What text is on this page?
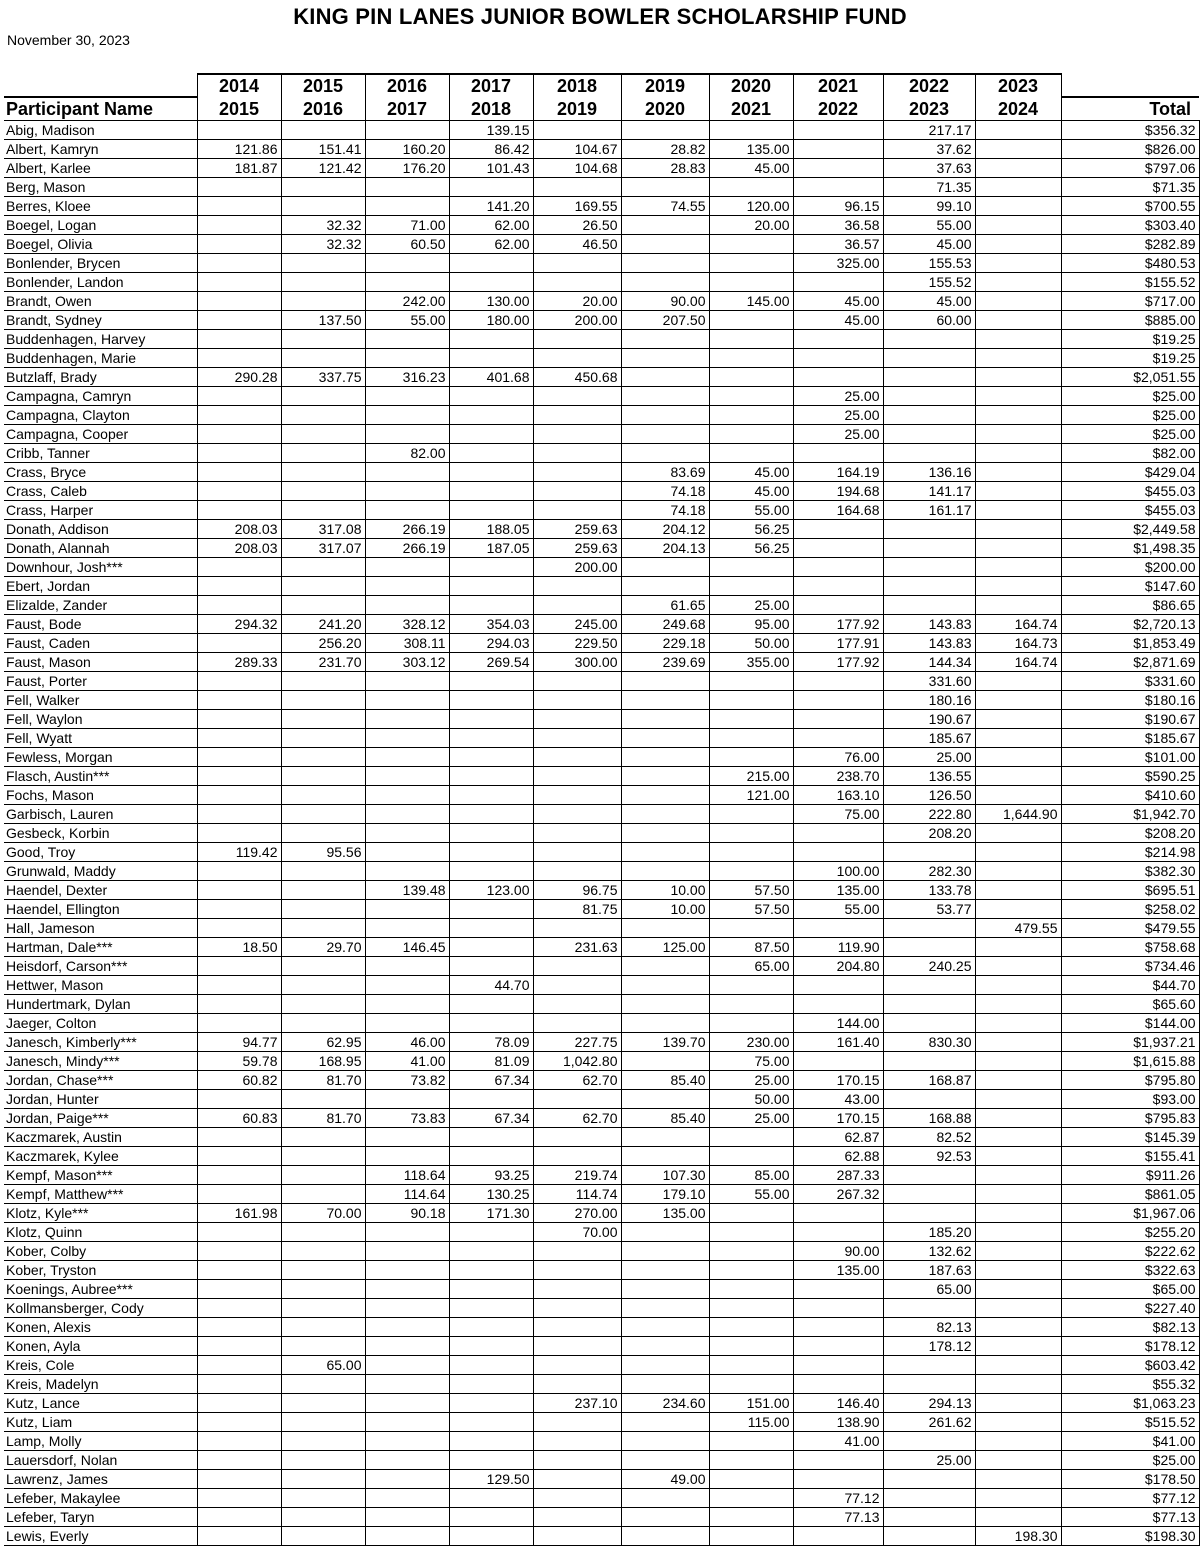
KING PIN LANES JUNIOR BOWLER SCHOLARSHIP FUND
November 30, 2023
	2014	2015	2016	2017	2018	2019	2020	2021	2022	2023	
Participant Name	2015	2016	2017	2018	2019	2020	2021	2022	2023	2024	Total
Abig, Madison				139.15					217.17		$356.32
Albert, Kamryn	121.86	151.41	160.20	86.42	104.67	28.82	135.00		37.62		$826.00
Albert, Karlee	181.87	121.42	176.20	101.43	104.68	28.83	45.00		37.63		$797.06
Berg, Mason									71.35		$71.35
Berres, Kloee				141.20	169.55	74.55	120.00	96.15	99.10		$700.55
Boegel, Logan		32.32	71.00	62.00	26.50		20.00	36.58	55.00		$303.40
Boegel, Olivia		32.32	60.50	62.00	46.50			36.57	45.00		$282.89
Bonlender, Brycen								325.00	155.53		$480.53
Bonlender, Landon									155.52		$155.52
Brandt, Owen			242.00	130.00	20.00	90.00	145.00	45.00	45.00		$717.00
Brandt, Sydney		137.50	55.00	180.00	200.00	207.50		45.00	60.00		$885.00
Buddenhagen, Harvey											$19.25
Buddenhagen, Marie											$19.25
Butzlaff, Brady	290.28	337.75	316.23	401.68	450.68						$2,051.55
Campagna, Camryn								25.00			$25.00
Campagna, Clayton								25.00			$25.00
Campagna, Cooper								25.00			$25.00
Cribb, Tanner			82.00								$82.00
Crass, Bryce						83.69	45.00	164.19	136.16		$429.04
Crass, Caleb						74.18	45.00	194.68	141.17		$455.03
Crass, Harper						74.18	55.00	164.68	161.17		$455.03
Donath, Addison	208.03	317.08	266.19	188.05	259.63	204.12	56.25				$2,449.58
Donath, Alannah	208.03	317.07	266.19	187.05	259.63	204.13	56.25				$1,498.35
Downhour, Josh***					200.00						$200.00
Ebert, Jordan											$147.60
Elizalde, Zander						61.65	25.00				$86.65
Faust, Bode	294.32	241.20	328.12	354.03	245.00	249.68	95.00	177.92	143.83	164.74	$2,720.13
Faust, Caden		256.20	308.11	294.03	229.50	229.18	50.00	177.91	143.83	164.73	$1,853.49
Faust, Mason	289.33	231.70	303.12	269.54	300.00	239.69	355.00	177.92	144.34	164.74	$2,871.69
Faust, Porter									331.60		$331.60
Fell, Walker									180.16		$180.16
Fell, Waylon									190.67		$190.67
Fell, Wyatt									185.67		$185.67
Fewless, Morgan								76.00	25.00		$101.00
Flasch, Austin***							215.00	238.70	136.55		$590.25
Fochs, Mason							121.00	163.10	126.50		$410.60
Garbisch, Lauren								75.00	222.80	1,644.90	$1,942.70
Gesbeck, Korbin									208.20		$208.20
Good, Troy	119.42	95.56									$214.98
Grunwald, Maddy								100.00	282.30		$382.30
Haendel, Dexter			139.48	123.00	96.75	10.00	57.50	135.00	133.78		$695.51
Haendel, Ellington					81.75	10.00	57.50	55.00	53.77		$258.02
Hall, Jameson										479.55	$479.55
Hartman, Dale***	18.50	29.70	146.45		231.63	125.00	87.50	119.90			$758.68
Heisdorf, Carson***							65.00	204.80	240.25		$734.46
Hettwer, Mason				44.70							$44.70
Hundertmark, Dylan											$65.60
Jaeger, Colton								144.00			$144.00
Janesch, Kimberly***	94.77	62.95	46.00	78.09	227.75	139.70	230.00	161.40	830.30		$1,937.21
Janesch, Mindy***	59.78	168.95	41.00	81.09	1,042.80		75.00				$1,615.88
Jordan, Chase***	60.82	81.70	73.82	67.34	62.70	85.40	25.00	170.15	168.87		$795.80
Jordan, Hunter							50.00	43.00			$93.00
Jordan, Paige***	60.83	81.70	73.83	67.34	62.70	85.40	25.00	170.15	168.88		$795.83
Kaczmarek, Austin								62.87	82.52		$145.39
Kaczmarek, Kylee								62.88	92.53		$155.41
Kempf, Mason***			118.64	93.25	219.74	107.30	85.00	287.33			$911.26
Kempf, Matthew***			114.64	130.25	114.74	179.10	55.00	267.32			$861.05
Klotz, Kyle***	161.98	70.00	90.18	171.30	270.00	135.00					$1,967.06
Klotz, Quinn					70.00				185.20		$255.20
Kober, Colby								90.00	132.62		$222.62
Kober, Tryston								135.00	187.63		$322.63
Koenings, Aubree***									65.00		$65.00
Kollmansberger, Cody											$227.40
Konen, Alexis									82.13		$82.13
Konen, Ayla									178.12		$178.12
Kreis, Cole		65.00									$603.42
Kreis, Madelyn											$55.32
Kutz, Lance					237.10	234.60	151.00	146.40	294.13		$1,063.23
Kutz, Liam							115.00	138.90	261.62		$515.52
Lamp, Molly								41.00			$41.00
Lauersdorf, Nolan									25.00		$25.00
Lawrenz, James				129.50		49.00					$178.50
Lefeber, Makaylee								77.12			$77.12
Lefeber, Taryn								77.13			$77.13
Lewis, Everly										198.30	$198.30
